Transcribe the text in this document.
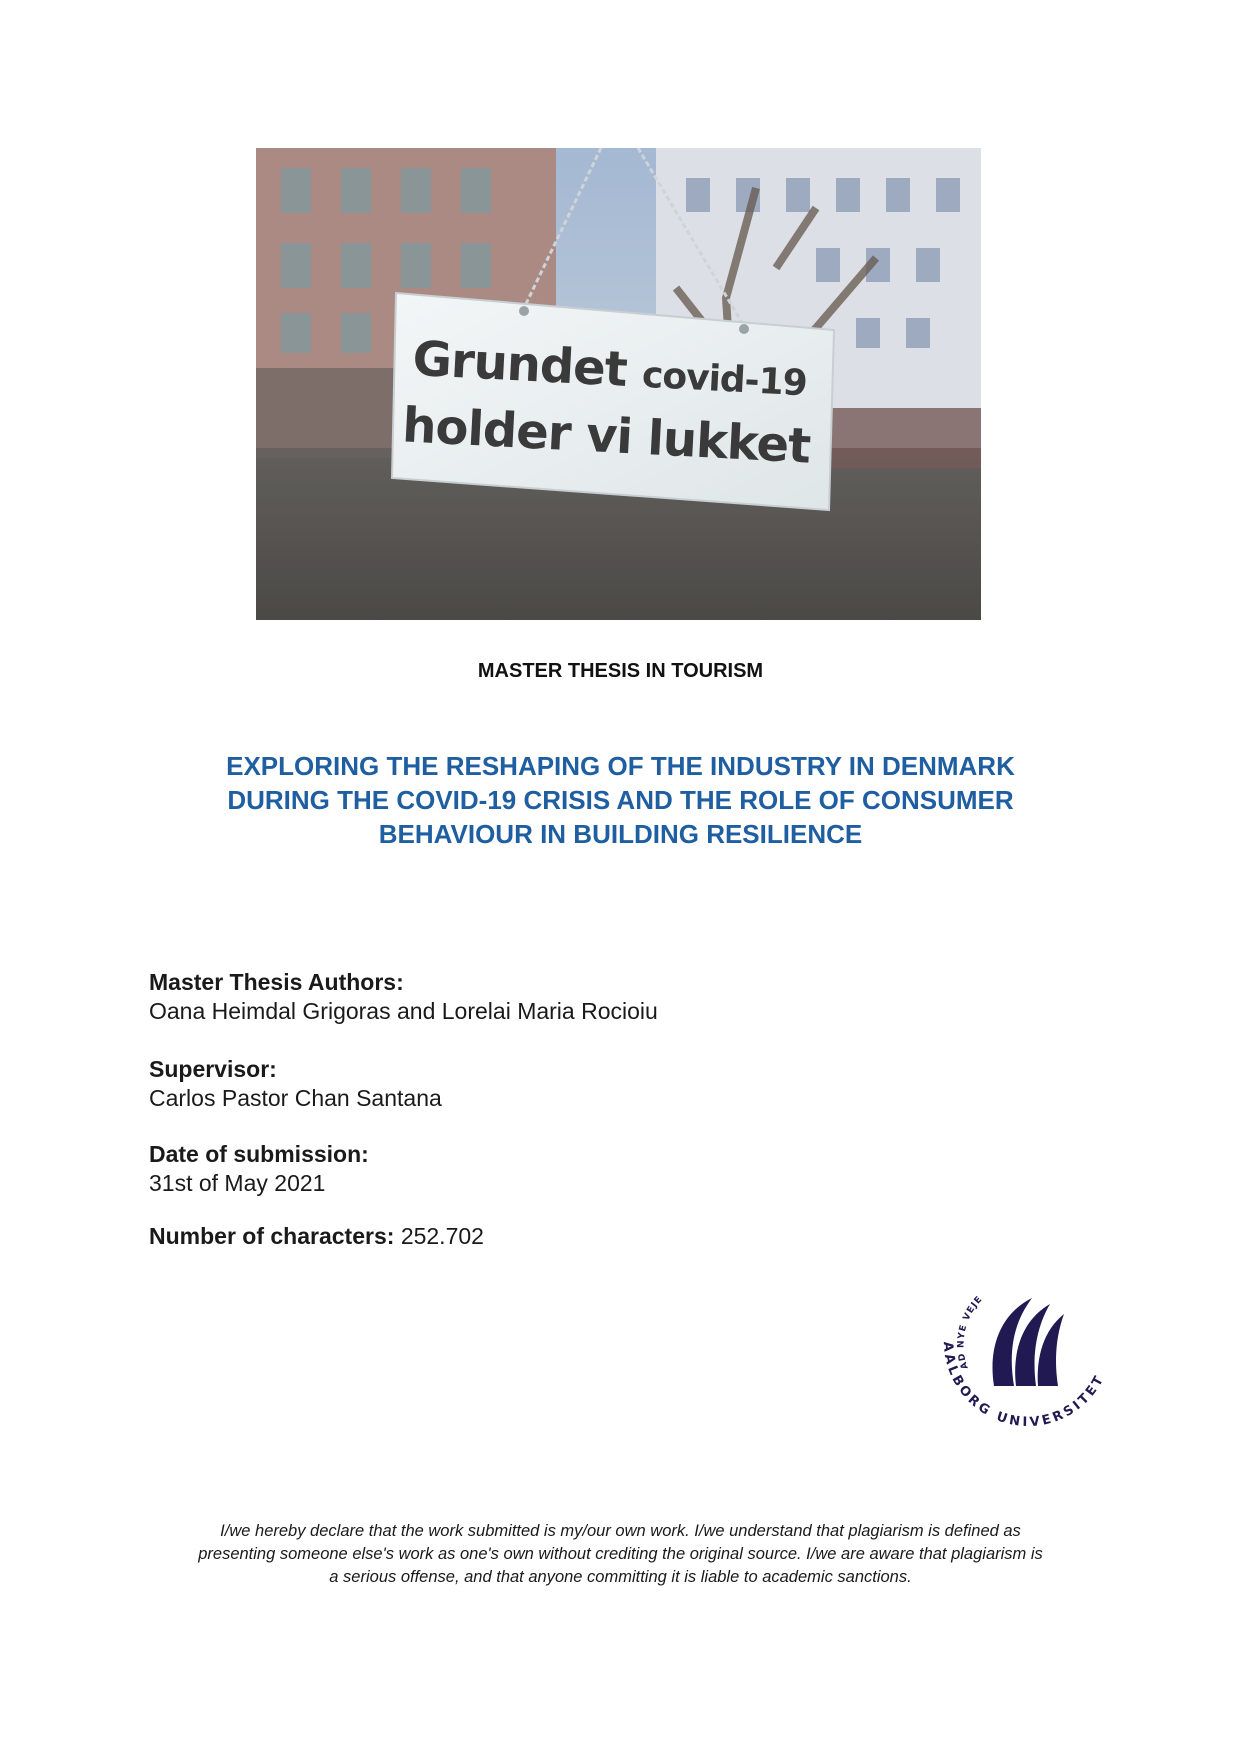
Grundet covid-19
holder vi lukket
MASTER THESIS IN TOURISM
EXPLORING THE RESHAPING OF THE INDUSTRY IN DENMARK
DURING THE COVID-19 CRISIS AND THE ROLE OF CONSUMER
BEHAVIOUR IN BUILDING RESILIENCE
Master Thesis Authors:
Oana Heimdal Grigoras and Lorelai Maria Rocioiu
Supervisor:
Carlos Pastor Chan Santana
Date of submission:
31st of May 2021
Number of characters: 252.702
AD NYE VEJE
AALBORG UNIVERSITET
I/we hereby declare that the work submitted is my/our own work. I/we understand that plagiarism is defined as
presenting someone else's work as one's own without crediting the original source. I/we are aware that plagiarism is
a serious offense, and that anyone committing it is liable to academic sanctions.
